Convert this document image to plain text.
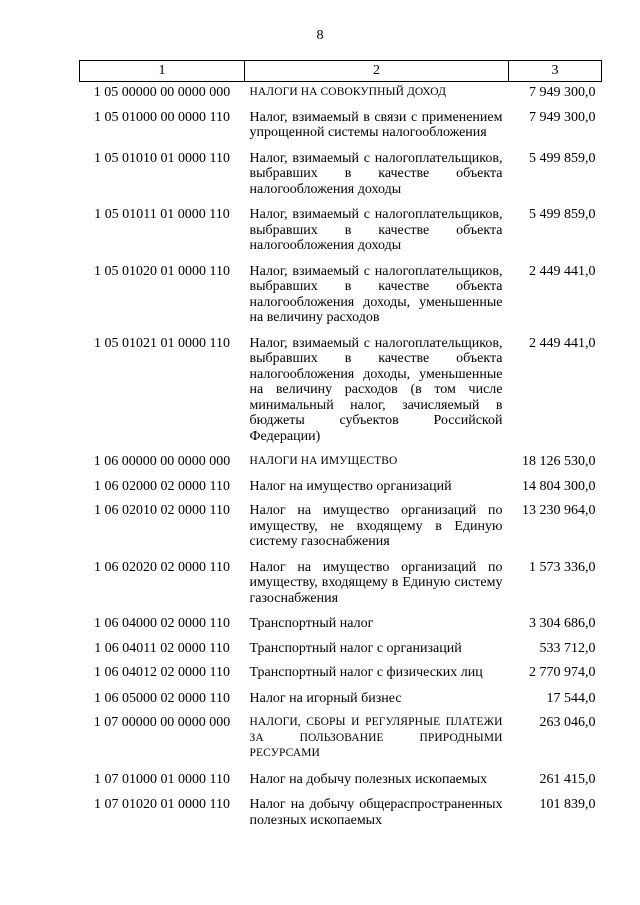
8
1	2	3
1 05 00000 00 0000 000	НАЛОГИ НА СОВОКУПНЫЙ ДОХОД	7 949 300,0
1 05 01000 00 0000 110	Налог, взимаемый в связи с применением упрощенной системы налогообложения	7 949 300,0
1 05 01010 01 0000 110	Налог, взимаемый с налогоплательщиков, выбравших в качестве объекта налогообложения доходы	5 499 859,0
1 05 01011 01 0000 110	Налог, взимаемый с налогоплательщиков, выбравших в качестве объекта налогообложения доходы	5 499 859,0
1 05 01020 01 0000 110	Налог, взимаемый с налогоплательщиков, выбравших в качестве объекта налогообложения доходы, уменьшенные на величину расходов	2 449 441,0
1 05 01021 01 0000 110	Налог, взимаемый с налогоплательщиков, выбравших в качестве объекта налогообложения доходы, уменьшенные на величину расходов (в том числе минимальный налог, зачисляемый в бюджеты субъектов Российской Федерации)	2 449 441,0
1 06 00000 00 0000 000	НАЛОГИ НА ИМУЩЕСТВО	18 126 530,0
1 06 02000 02 0000 110	Налог на имущество организаций	14 804 300,0
1 06 02010 02 0000 110	Налог на имущество организаций по имуществу, не входящему в Единую систему газоснабжения	13 230 964,0
1 06 02020 02 0000 110	Налог на имущество организаций по имуществу, входящему в Единую систему газоснабжения	1 573 336,0
1 06 04000 02 0000 110	Транспортный налог	3 304 686,0
1 06 04011 02 0000 110	Транспортный налог с организаций	533 712,0
1 06 04012 02 0000 110	Транспортный налог с физических лиц	2 770 974,0
1 06 05000 02 0000 110	Налог на игорный бизнес	17 544,0
1 07 00000 00 0000 000	НАЛОГИ, СБОРЫ И РЕГУЛЯРНЫЕ ПЛАТЕЖИ ЗА ПОЛЬЗОВАНИЕ ПРИРОДНЫМИ РЕСУРСАМИ	263 046,0
1 07 01000 01 0000 110	Налог на добычу полезных ископаемых	261 415,0
1 07 01020 01 0000 110	Налог на добычу общераспространенных полезных ископаемых	101 839,0
